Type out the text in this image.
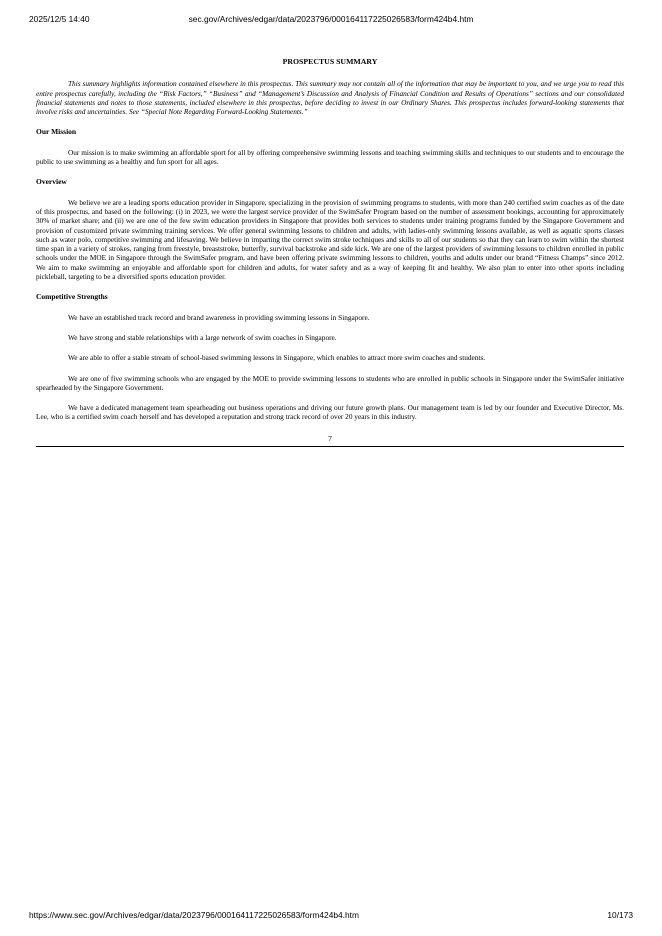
2025/12/5 14:40	sec.gov/Archives/edgar/data/2023796/000164117225026583/form424b4.htm
PROSPECTUS SUMMARY

This summary highlights information contained elsewhere in this prospectus. This summary may not contain all of the information that may be important to you, and we urge you to read this entire prospectus carefully, including the “Risk Factors,” “Business” and “Management’s Discussion and Analysis of Financial Condition and Results of Operations” sections and our consolidated financial statements and notes to those statements, included elsewhere in this prospectus, before deciding to invest in our Ordinary Shares. This prospectus includes forward-looking statements that involve risks and uncertainties. See “Special Note Regarding Forward-Looking Statements.”

Our Mission

Our mission is to make swimming an affordable sport for all by offering comprehensive swimming lessons and teaching swimming skills and techniques to our students and to encourage the public to use swimming as a healthy and fun sport for all ages.

Overview

We believe we are a leading sports education provider in Singapore, specializing in the provision of swimming programs to students, with more than 240 certified swim coaches as of the date of this prospectus, and based on the following: (i) in 2023, we were the largest service provider of the SwimSafer Program based on the number of assessment bookings, accounting for approximately 30% of market share; and (ii) we are one of the few swim education providers in Singapore that provides both services to students under training programs funded by the Singapore Government and provision of customized private swimming training services. We offer general swimming lessons to children and adults, with ladies-only swimming lessons available, as well as aquatic sports classes such as water polo, competitive swimming and lifesaving. We believe in imparting the correct swim stroke techniques and skills to all of our students so that they can learn to swim within the shortest time span in a variety of strokes, ranging from freestyle, breaststroke, butterfly, survival backstroke and side kick. We are one of the largest providers of swimming lessons to children enrolled in public schools under the MOE in Singapore through the SwimSafer program, and have been offering private swimming lessons to children, youths and adults under our brand “Fitness Champs” since 2012. We aim to make swimming an enjoyable and affordable sport for children and adults, for water safety and as a way of keeping fit and healthy. We also plan to enter into other sports including pickleball, targeting to be a diversified sports education provider.

Competitive Strengths

We have an established track record and brand awareness in providing swimming lessons in Singapore.

We have strong and stable relationships with a large network of swim coaches in Singapore.

We are able to offer a stable stream of school-based swimming lessons in Singapore, which enables to attract more swim coaches and students.

We are one of five swimming schools who are engaged by the MOE to provide swimming lessons to students who are enrolled in public schools in Singapore under the SwimSafer initiative spearheaded by the Singapore Government.

We have a dedicated management team spearheading out business operations and driving our future growth plans. Our management team is led by our founder and Executive Director, Ms. Lee, who is a certified swim coach herself and has developed a reputation and strong track record of over 20 years in this industry.

7
https://www.sec.gov/Archives/edgar/data/2023796/000164117225026583/form424b4.htm	10/173
